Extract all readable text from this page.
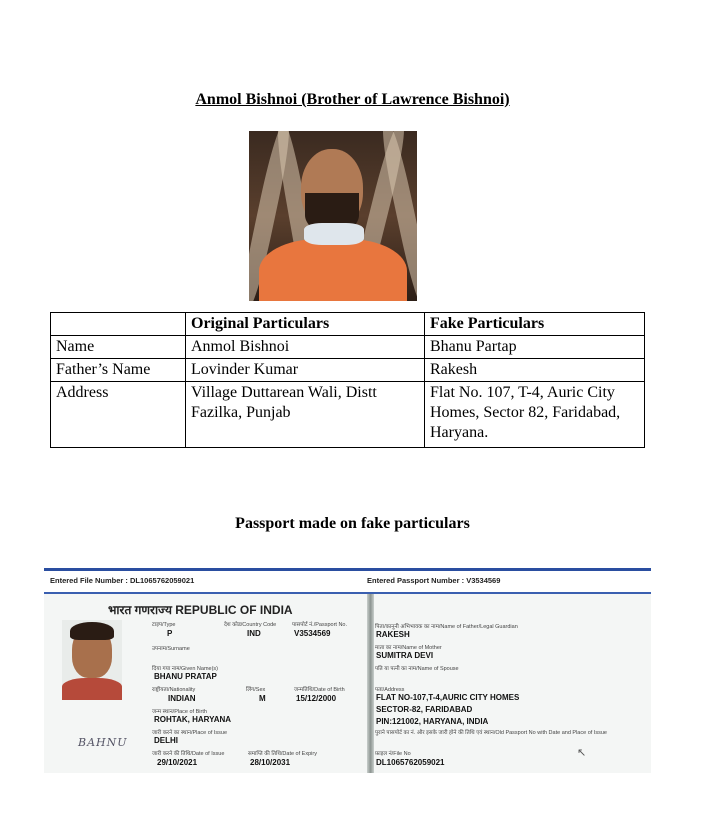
Anmol Bishnoi (Brother of Lawrence Bishnoi)
	Original Particulars	Fake Particulars
Name	Anmol Bishnoi	Bhanu Partap
Father’s Name	Lovinder Kumar	Rakesh
Address	Village Duttarean Wali, Distt Fazilka, Punjab	Flat No. 107, T-4, Auric City Homes, Sector 82, Faridabad, Haryana.
Passport made on fake particulars
Entered File Number : DL1065762059021	Entered Passport Number : V3534569
भारत गणराज्य REPUBLIC OF INDIA
टाइप/Type	देश कोड/Country Code	पासपोर्ट नं./Passport No.
P	IND	V3534569
उपनाम/Surname
दिया गया नाम/Given Name(s)
BHANU PRATAP
राष्ट्रीयता/Nationality	लिंग/Sex	जन्मतिथि/Date of Birth
INDIAN	M	15/12/2000
जन्म स्थान/Place of Birth
ROHTAK, HARYANA
जारी करने का स्थान/Place of Issue
DELHI
जारी करने की तिथि/Date of Issue	समाप्ति की तिथि/Date of Expiry
29/10/2021	28/10/2031
BAHNU
पिता/कानूनी अभिभावक का नाम/Name of Father/Legal Guardian
RAKESH
माता का नाम/Name of Mother
SUMITRA DEVI
पति या पत्नी का नाम/Name of Spouse
पता/Address
FLAT NO-107,T-4,AURIC CITY HOMES
SECTOR-82, FARIDABAD
PIN:121002, HARYANA, INDIA
पुराने पासपोर्ट का नं. और इसके जारी होने की तिथि एवं स्थान/Old Passport No with Date and Place of Issue
फ़ाइल नं/File No
DL1065762059021
↖
